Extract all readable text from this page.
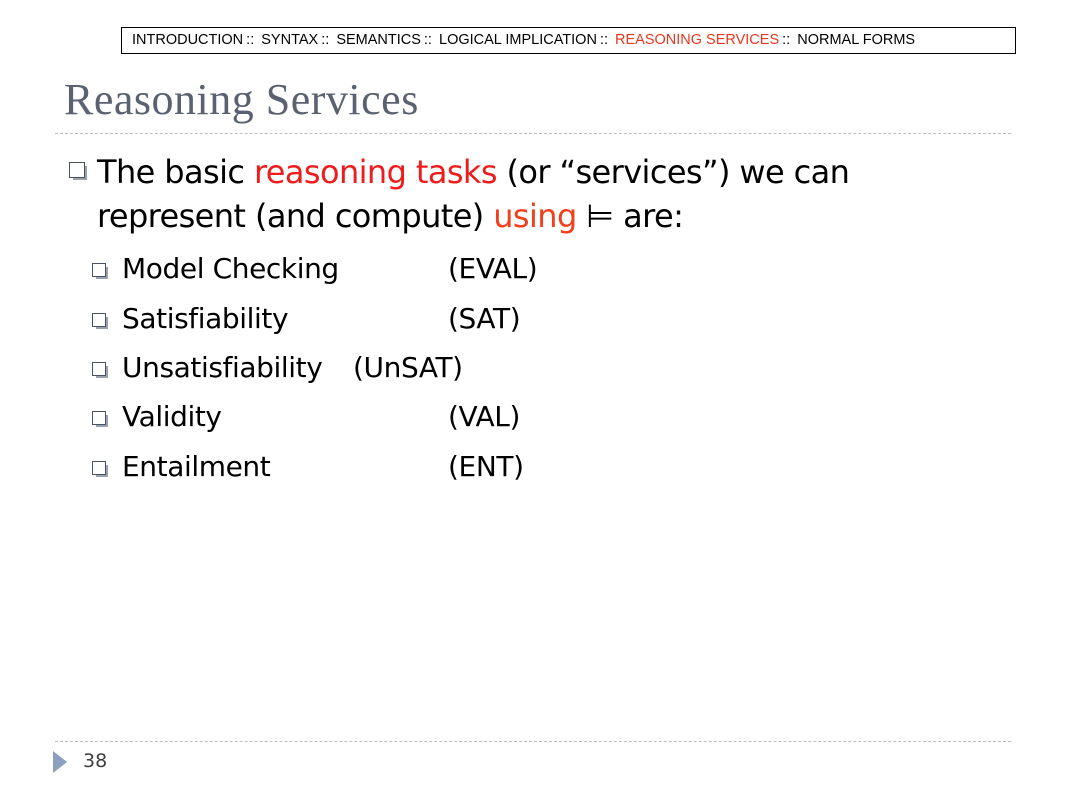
INTRODUCTION :: SYNTAX :: SEMANTICS :: LOGICAL IMPLICATION :: REASONING SERVICES :: NORMAL FORMS
Reasoning Services
The basic reasoning tasks (or “services”) we can represent (and compute) using ⊨ are:
Model Checking	(EVAL)
Satisfiability	(SAT)
Unsatisfiability (UnSAT)
Validity	(VAL)
Entailment	(ENT)
38
